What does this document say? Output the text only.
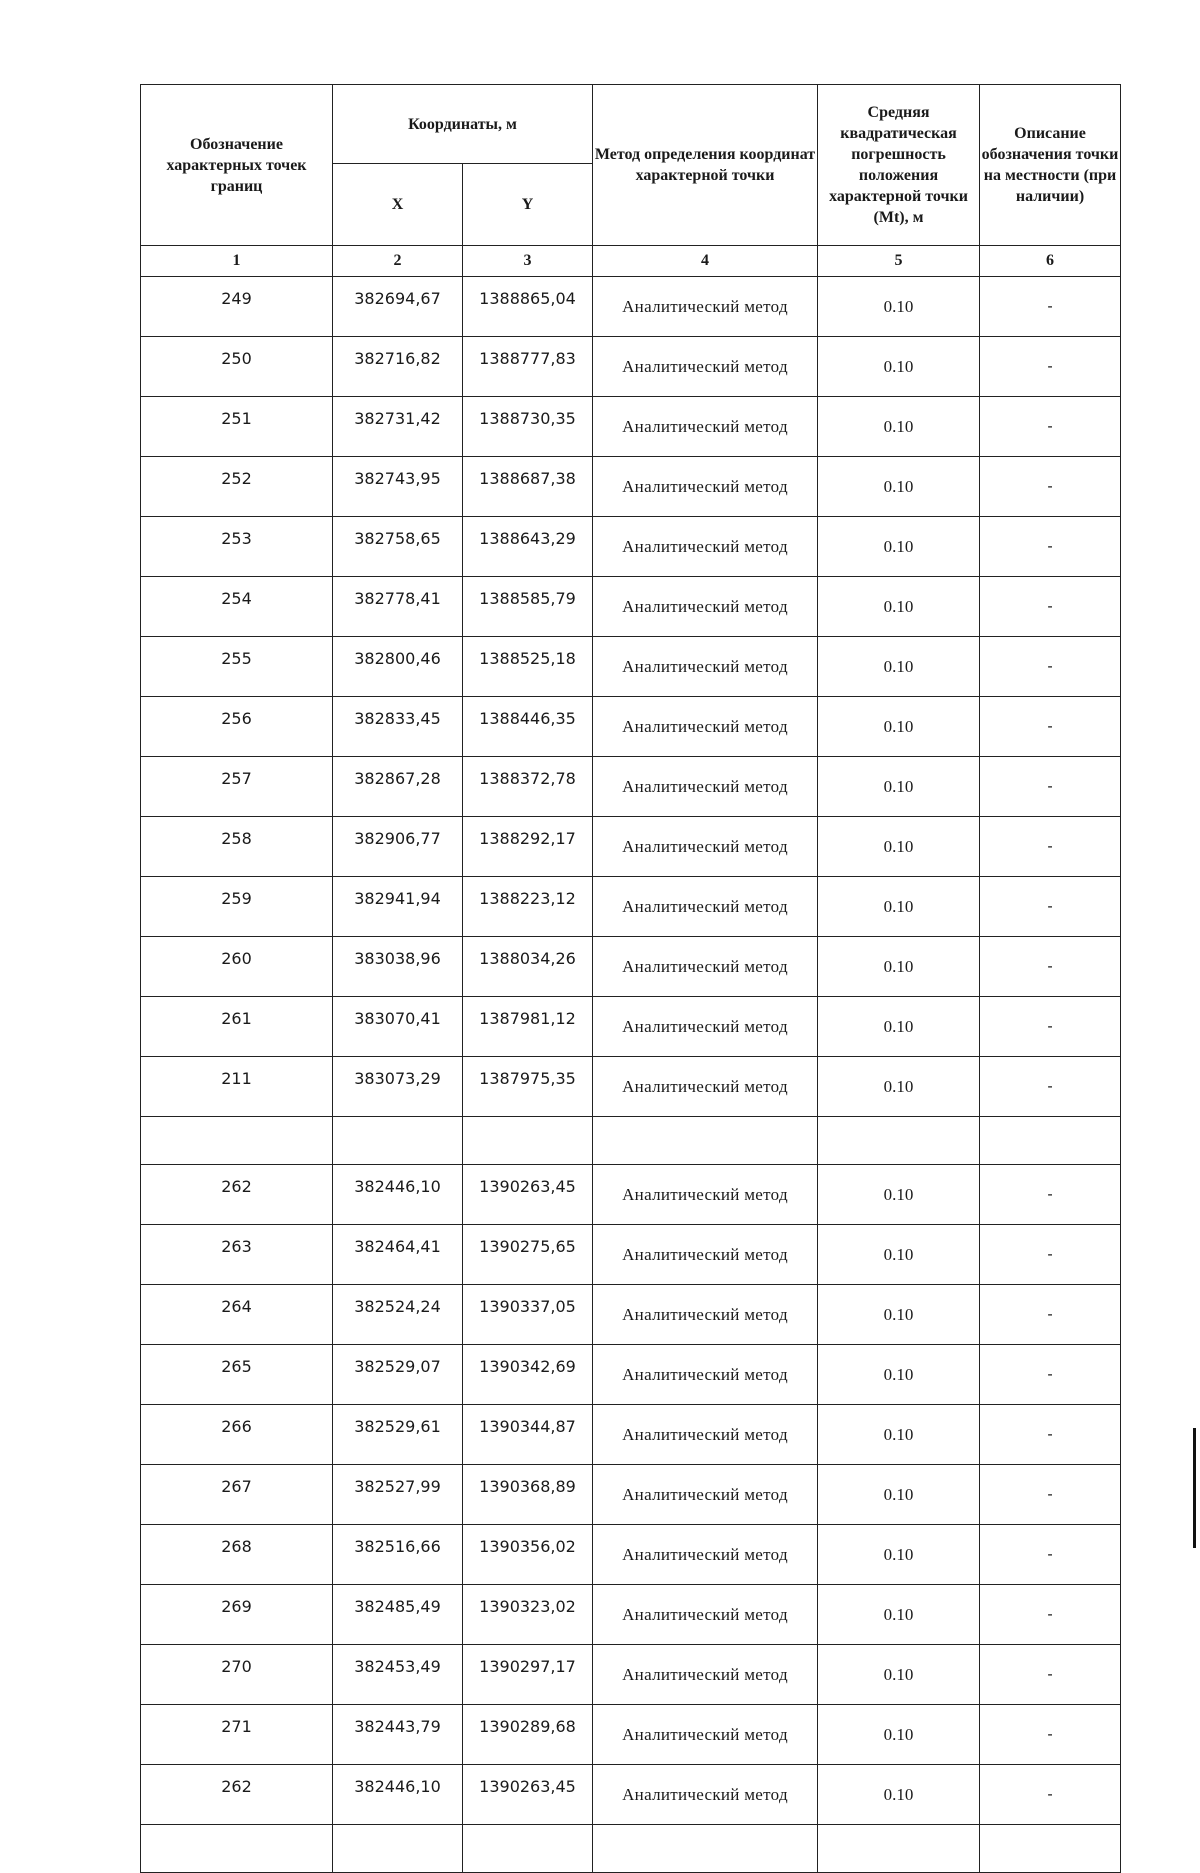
Обозначение характерных точек границ	Координаты, м		Метод определения координат характерной точки	Средняя квадратическая погрешность положения характерной точки (Mt), м	Описание обозначения точки на местности (при наличии)
	X	Y			
1	2	3	4	5	6
249	382694,67	1388865,04	Аналитический метод	0.10	-
250	382716,82	1388777,83	Аналитический метод	0.10	-
251	382731,42	1388730,35	Аналитический метод	0.10	-
252	382743,95	1388687,38	Аналитический метод	0.10	-
253	382758,65	1388643,29	Аналитический метод	0.10	-
254	382778,41	1388585,79	Аналитический метод	0.10	-
255	382800,46	1388525,18	Аналитический метод	0.10	-
256	382833,45	1388446,35	Аналитический метод	0.10	-
257	382867,28	1388372,78	Аналитический метод	0.10	-
258	382906,77	1388292,17	Аналитический метод	0.10	-
259	382941,94	1388223,12	Аналитический метод	0.10	-
260	383038,96	1388034,26	Аналитический метод	0.10	-
261	383070,41	1387981,12	Аналитический метод	0.10	-
211	383073,29	1387975,35	Аналитический метод	0.10	-

262	382446,10	1390263,45	Аналитический метод	0.10	-
263	382464,41	1390275,65	Аналитический метод	0.10	-
264	382524,24	1390337,05	Аналитический метод	0.10	-
265	382529,07	1390342,69	Аналитический метод	0.10	-
266	382529,61	1390344,87	Аналитический метод	0.10	-
267	382527,99	1390368,89	Аналитический метод	0.10	-
268	382516,66	1390356,02	Аналитический метод	0.10	-
269	382485,49	1390323,02	Аналитический метод	0.10	-
270	382453,49	1390297,17	Аналитический метод	0.10	-
271	382443,79	1390289,68	Аналитический метод	0.10	-
262	382446,10	1390263,45	Аналитический метод	0.10	-
